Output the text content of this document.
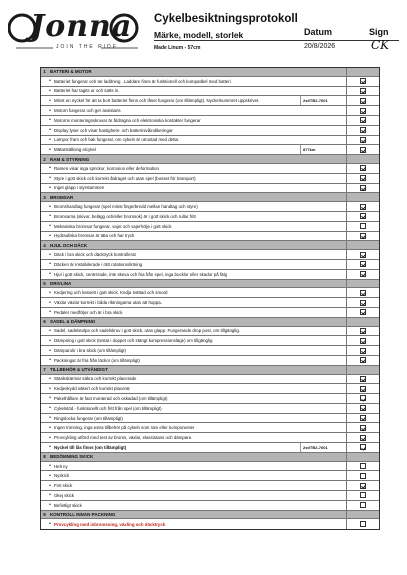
Jonna
JOIN THE RIDE
Cykelbesiktningsprotokoll
Märke, modell, storlek
Made Linum - 57cm
Datum	Sign
20/8/2026	CK
1 BATTERI & MOTOR
• Batteriet fungerar och tar laddning . Laddare finns är funktionell och kompatibel med batteri
• Batteriet har tagits ur och satts in.
• Minst en nyckel för att ta bort batteriet finns och låset fungerar (om tillämpligt). Nyckelnummret uppskrivet.	2st/TB2-7601
• Motorn fungerar och ger assistans
• Motorns monteringsskruvar är åtdragna och elektroniska kontakter fungerar
• Display lyser och visar hastighets- och batterinivåindikeringar
• Lampor fram och bak fungerar, om cykeln är utrustad med detta.
• Mätarställning elcykel	877km
2 RAM & STYRNING
• Ramen visar inga sprickor, korrosion eller deformation
• Styre i gott skick och korrekt åtdraget och utan spel (bosset för transport)
• Inget glapp i styrstammen
3 BROMSAR
• Bromshandtag fungerar (spel minst fingerbredd mellan handtag och styre)
• Bromsarna (skivor, belägg och/eller bromsok) är i gott skick och rullar fritt
• Mekaniska bromsar fungerar, vajer och vajerhölje i gott skick
• Hydrauliska bromsar är täta och har tryck
4 HJUL OCH DÄCK
• Däck i bra skick och däcktryck kontrollerat
• Däcken är instabilerade i rätt rotationsriktning
• Hjul i gott skick, centrerade, inte skeva och fria från spel, inga bucklor eller skador på fälg
5 DRIVLINA
• Kedjering och kassett i gott skick. Kedja tvättad och smord
• Växlar växlar korrekt i båda riktningarna utan att hoppa.
• Pedaler medföljer och är i bra skick
6 SADEL & DÄMPNING
• Sadel, sadelstolpe och sadelskruv i gott skick, utan glapp. Fungerande drop post, om tillgänglig.
• Dämpning i gott skick (testat i doppet och stängt kompressionsläge) om tillgänglig
• Dämparolir i bra skick (om tillämpligt)
• Packningar är fria från läckor (om tillämpligt)
7 TILLBEHÖR & UTVÄNDIGT
• Stänkskärmar säkra och korrekt placerade
• Kedjeskydd säkert och korrekt placerat
• Pakethållare är fast monterad och oskadad (om tillämpligt)
• Cykelstöd - funktionellt och fritt från spel (om tillämpligt)
• Ringslocka fungerar (om tillämpligt)
• Ingen trimning, inga extra tillbehör på cykeln som ram eller komponenter
• Provcykling utförd med test av broms, växlar, elassistans och dämpare.
• Nyckel till lås finns (om tillämpligt)	2st/TB2-7601
8 BEDÖMNING SKICK
• Helt ny
• Nyskick
• Fint skick
• Okej skick
• Befintligt skick
9 KONTROLL INNAN PACKNING
• Provcykling med inbromsning, växling och däcktryck
